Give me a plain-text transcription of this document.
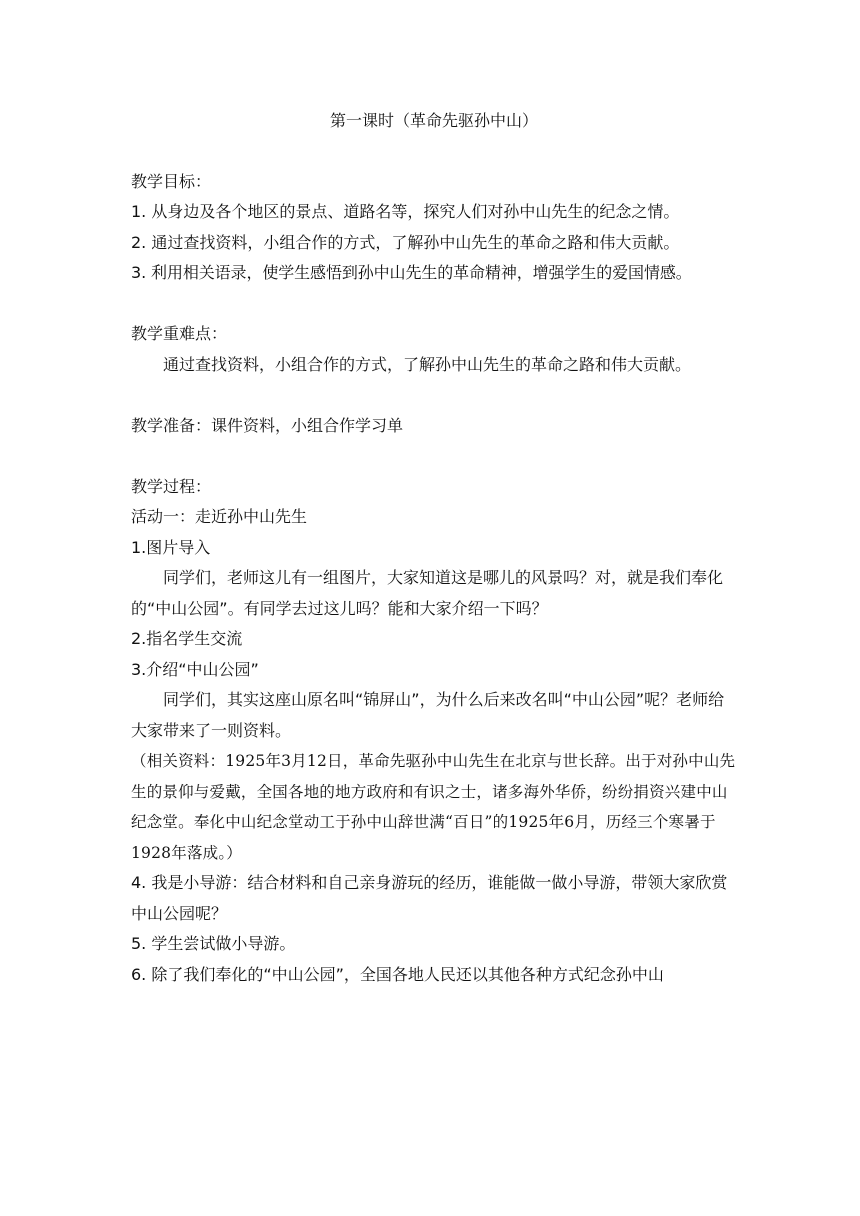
第一课时（革命先驱孙中山）

教学目标：

1. 从身边及各个地区的景点、道路名等，探究人们对孙中山先生的纪念之情。

2. 通过查找资料，小组合作的方式，了解孙中山先生的革命之路和伟大贡献。

3. 利用相关语录，使学生感悟到孙中山先生的革命精神，增强学生的爱国情感。

教学重难点：

通过查找资料，小组合作的方式，了解孙中山先生的革命之路和伟大贡献。

教学准备：课件资料，小组合作学习单

教学过程：

活动一：走近孙中山先生

1.图片导入

同学们，老师这儿有一组图片，大家知道这是哪儿的风景吗？对，就是我们奉化的“中山公园”。有同学去过这儿吗？能和大家介绍一下吗？

2.指名学生交流

3.介绍“中山公园”

同学们，其实这座山原名叫“锦屏山”，为什么后来改名叫“中山公园”呢？老师给大家带来了一则资料。

（相关资料：1925年3月12日，革命先驱孙中山先生在北京与世长辞。出于对孙中山先生的景仰与爱戴，全国各地的地方政府和有识之士，诸多海外华侨，纷纷捐资兴建中山纪念堂。奉化中山纪念堂动工于孙中山辞世满“百日”的1925年6月，历经三个寒暑于1928年落成。）

4. 我是小导游：结合材料和自己亲身游玩的经历，谁能做一做小导游，带领大家欣赏中山公园呢？

5. 学生尝试做小导游。

6. 除了我们奉化的“中山公园”，全国各地人民还以其他各种方式纪念孙中山
